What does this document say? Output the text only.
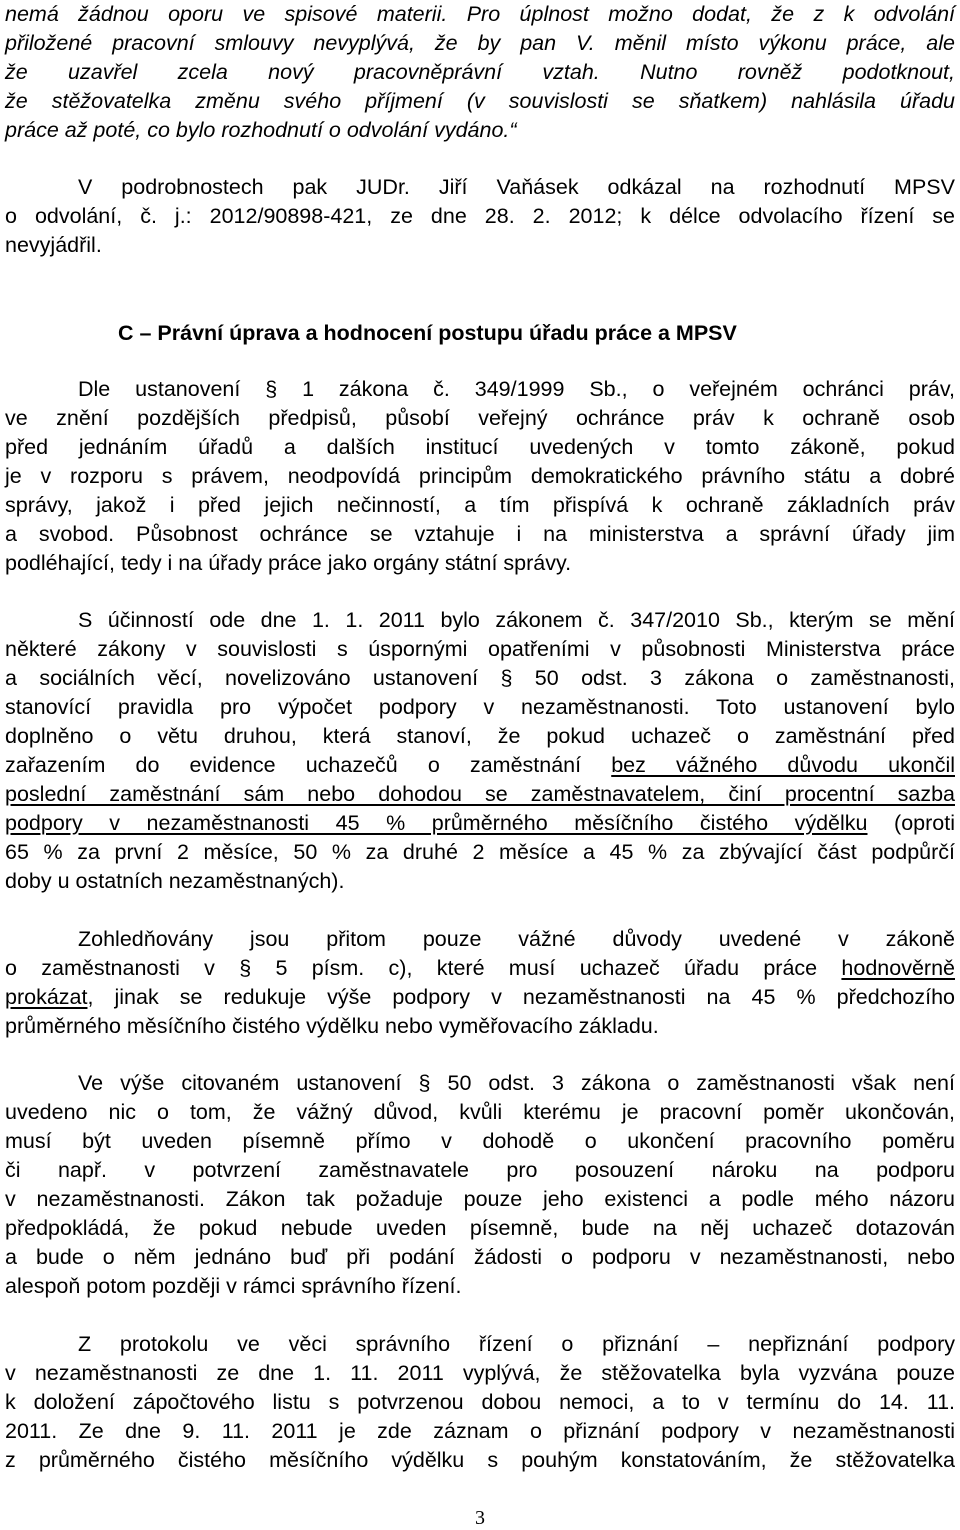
nemá žádnou oporu ve spisové materii. Pro úplnost možno dodat, že z k odvolání
přiložené pracovní smlouvy nevyplývá, že by pan V. měnil místo výkonu práce, ale
že uzavřel zcela nový pracovněprávní vztah. Nutno rovněž podotknout,
že stěžovatelka změnu svého příjmení (v souvislosti se sňatkem) nahlásila úřadu
práce až poté, co bylo rozhodnutí o odvolání vydáno.“
V podrobnostech pak JUDr. Jiří Vaňásek odkázal na rozhodnutí MPSV
o odvolání, č. j.: 2012/90898-421, ze dne 28. 2. 2012; k délce odvolacího řízení se
nevyjádřil.
C – Právní úprava a hodnocení postupu úřadu práce a MPSV
Dle ustanovení § 1 zákona č. 349/1999 Sb., o veřejném ochránci práv,
ve znění pozdějších předpisů, působí veřejný ochránce práv k ochraně osob
před jednáním úřadů a dalších institucí uvedených v tomto zákoně, pokud
je v rozporu s právem, neodpovídá principům demokratického právního státu a dobré
správy, jakož i před jejich nečinností, a tím přispívá k ochraně základních práv
a svobod. Působnost ochránce se vztahuje i na ministerstva a správní úřady jim
podléhající, tedy i na úřady práce jako orgány státní správy.
S účinností ode dne 1. 1. 2011 bylo zákonem č. 347/2010 Sb., kterým se mění
některé zákony v souvislosti s úspornými opatřeními v působnosti Ministerstva práce
a sociálních věcí, novelizováno ustanovení § 50 odst. 3 zákona o zaměstnanosti,
stanovící pravidla pro výpočet podpory v nezaměstnanosti. Toto ustanovení bylo
doplněno o větu druhou, která stanoví, že pokud uchazeč o zaměstnání před
zařazením do evidence uchazečů o zaměstnání bez vážného důvodu ukončil
poslední zaměstnání sám nebo dohodou se zaměstnavatelem, činí procentní sazba
podpory v nezaměstnanosti 45 % průměrného měsíčního čistého výdělku (oproti
65 % za první 2 měsíce, 50 % za druhé 2 měsíce a 45 % za zbývající část podpůrčí
doby u ostatních nezaměstnaných).
Zohledňovány jsou přitom pouze vážné důvody uvedené v zákoně
o zaměstnanosti v § 5 písm. c), které musí uchazeč úřadu práce hodnověrně
prokázat, jinak se redukuje výše podpory v nezaměstnanosti na 45 % předchozího
průměrného měsíčního čistého výdělku nebo vyměřovacího základu.
Ve výše citovaném ustanovení § 50 odst. 3 zákona o zaměstnanosti však není
uvedeno nic o tom, že vážný důvod, kvůli kterému je pracovní poměr ukončován,
musí být uveden písemně přímo v dohodě o ukončení pracovního poměru
či např. v potvrzení zaměstnavatele pro posouzení nároku na podporu
v nezaměstnanosti. Zákon tak požaduje pouze jeho existenci a podle mého názoru
předpokládá, že pokud nebude uveden písemně, bude na něj uchazeč dotazován
a bude o něm jednáno buď při podání žádosti o podporu v nezaměstnanosti, nebo
alespoň potom později v rámci správního řízení.
Z protokolu ve věci správního řízení o přiznání – nepřiznání podpory
v nezaměstnanosti ze dne 1. 11. 2011 vyplývá, že stěžovatelka byla vyzvána pouze
k doložení zápočtového listu s potvrzenou dobou nemoci, a to v termínu do 14. 11.
2011. Ze dne 9. 11. 2011 je zde záznam o přiznání podpory v nezaměstnanosti
z průměrného čistého měsíčního výdělku s pouhým konstatováním, že stěžovatelka
3
